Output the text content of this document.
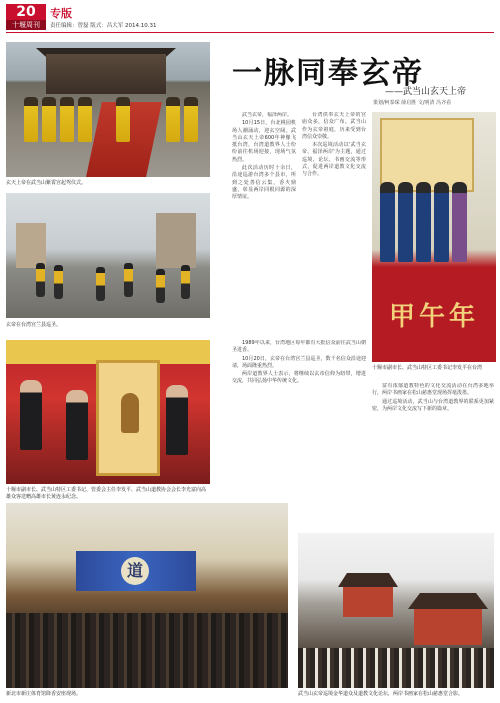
20
十堰周刊
专版
责任编辑：曾磊 版式：昌大军 2014.10.31
玄天上帝在武当山紫霄宫起驾仪式。
玄帝在台湾宫兰县巡圣。
十堰市副市长、武当山特区工委书记、管委会主任李发平、武当山道教协会会长李光富向高雄众客送赠高雄市长黄连永纪念。
道
新北市新庄体育馆降香安座现场。
一脉同奉玄帝
——武当山玄天上帝
策划/柯泰琛 薛启胜 文/明清 冯齐看

武当玄帝，福泽两岸。

10月15日，台北桃园机场人潮涌动，迎玄空阔。武当山玄天上帝600年神像飞抵台湾，台湾道教界人士纷纷前往机场迎接，现场气氛热烈。

此次活动历时十余日，沿途巡游台湾多个县市，所到之处善信云集，香火鼎盛，彰显两岸同根同源的深厚情谊。

台湾供奉玄天上帝的宫庙众多，信众广布。武当山作为玄帝祖庭，历来受到台湾信众崇敬。

本次巡境活动以'武当玄帝，福泽两岸'为主题，通过巡境、论坛、书画交流等形式，促进两岸道教文化交流与合作。

1989年以来，台湾地区每年都有大批信众前往武当山朝圣进香。

10月20日，玄帝在台湾宫兰县巡圣，数千名信众沿途迎请，场面隆重热烈。

两岸道教界人士表示，将继续以玄帝信仰为纽带，增进交流，共同弘扬中华传统文化。

甲午年
十堰市副市长、武当山特区工委书记李发平在台湾

富有浓郁道教特色的文化交流活动在台湾多地举行，两岸书画家在松山慈惠堂现场挥毫泼墨。

通过巡境活动，武当山与台湾道教界的联系更加紧密，为两岸文化交流写下新的篇章。

武当山玄帝巡境金华道众及道教文化论坛，两岸书画家在松山慈惠堂合影。
